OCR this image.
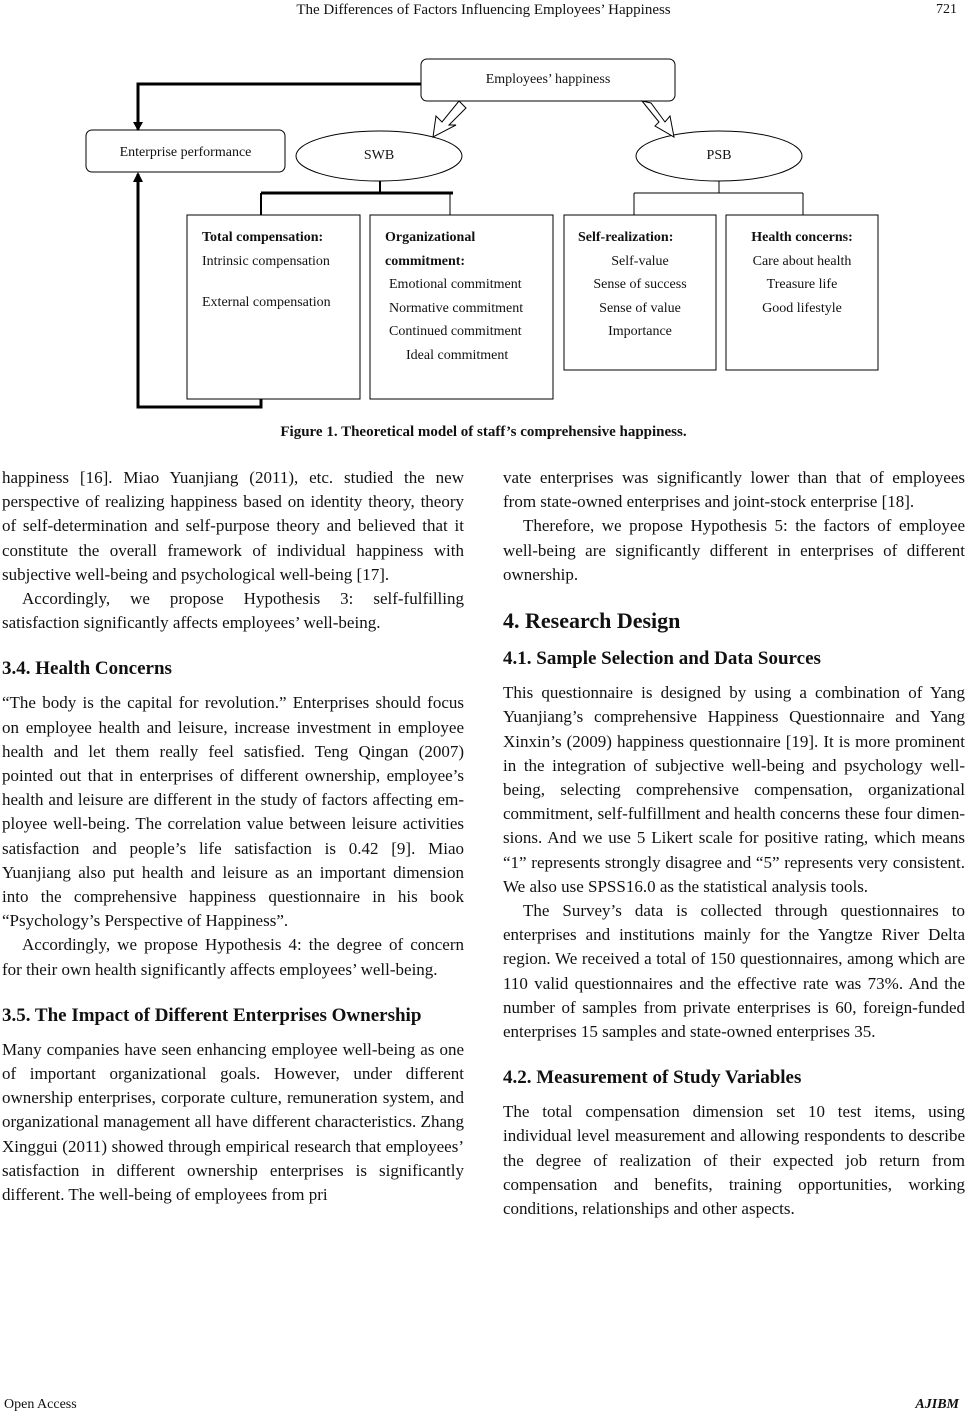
The Differences of Factors Influencing Employees’ Happiness	721
Employees’ happiness
Enterprise performance	SWB	PSB
Total compensation:
Intrinsic compensation
External compensation
Organizational
commitment:
Emotional commitment
Normative commitment
Continued commitment
Ideal commitment
Self-realization:
Self-value
Sense of success
Sense of value
Importance
Health concerns:
Care about health
Treasure life
Good lifestyle
Figure 1. Theoretical model of staff’s comprehensive happiness.

happiness [16]. Miao Yuanjiang (2011), etc. studied the new perspective of realizing happiness based on identity theory, theory of self-determination and self-purpose theory and believed that it constitute the overall framework of individual happiness with subjective well-being and psychological well-being [17].

Accordingly, we propose Hypothesis 3: self-fulfilling satisfaction significantly affects employees’ well-being.

3.4. Health Concerns

“The body is the capital for revolution.” Enterprises should focus on employee health and leisure, increase investment in employee health and let them really feel satisfied. Teng Qingan (2007) pointed out that in enterprises of different ownership, employee’s health and leisure are different in the study of factors affecting employee well-being. The correlation value between leisure activities satisfaction and people’s life satisfaction is 0.42 [9]. Miao Yuanjiang also put health and leisure as an important dimension into the comprehensive happiness questionnaire in his book “Psychology’s Perspective of Happiness”.

Accordingly, we propose Hypothesis 4: the degree of concern for their own health significantly affects employees’ well-being.

3.5. The Impact of Different Enterprises Ownership

Many companies have seen enhancing employee well-being as one of important organizational goals. However, under different ownership enterprises, corporate culture, remuneration system, and organizational management all have different characteristics. Zhang Xinggui (2011) showed through empirical research that employees’ satisfaction in different ownership enterprises is significantly different. The well-being of employees from pri

vate enterprises was significantly lower than that of employees from state-owned enterprises and joint-stock enterprise [18].

Therefore, we propose Hypothesis 5: the factors of employee well-being are significantly different in enterprises of different ownership.

4. Research Design
4.1. Sample Selection and Data Sources

This questionnaire is designed by using a combination of Yang Yuanjiang’s comprehensive Happiness Questionnaire and Yang Xinxin’s (2009) happiness questionnaire [19]. It is more prominent in the integration of subjective well-being and psychology well-being, selecting comprehensive compensation, organizational commitment, self-fulfillment and health concerns these four dimensions. And we use 5 Likert scale for positive rating, which means “1” represents strongly disagree and “5” represents very consistent. We also use SPSS16.0 as the statistical analysis tools.

The Survey’s data is collected through questionnaires to enterprises and institutions mainly for the Yangtze River Delta region. We received a total of 150 questionnaires, among which are 110 valid questionnaires and the effective rate was 73%. And the number of samples from private enterprises is 60, foreign-funded enterprises 15 samples and state-owned enterprises 35.

4.2. Measurement of Study Variables

The total compensation dimension set 10 test items, using individual level measurement and allowing respondents to describe the degree of realization of their expected job return from compensation and benefits, training opportunities, working conditions, relationships and other aspects.

Open Access	AJIBM
